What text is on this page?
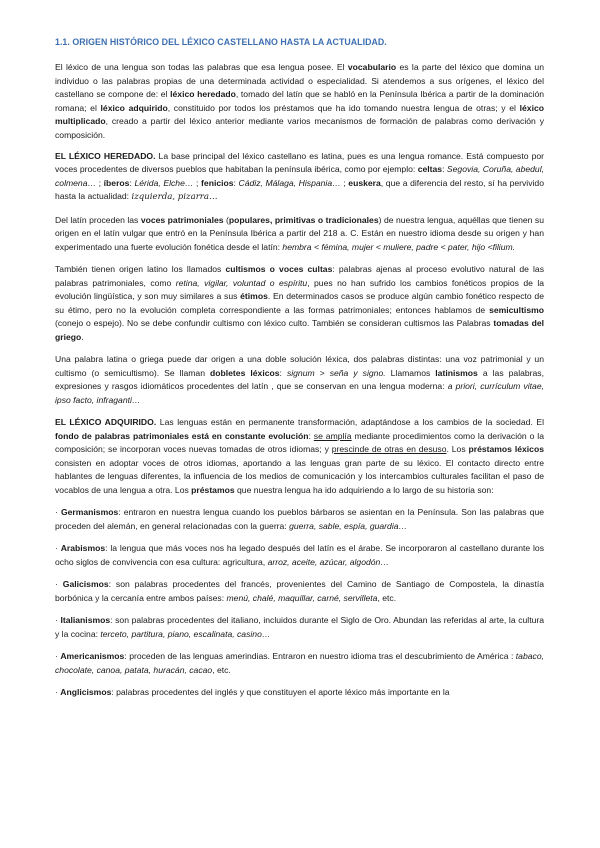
1.1. ORIGEN HISTÓRICO DEL LÉXICO CASTELLANO HASTA LA ACTUALIDAD.

El léxico de una lengua son todas las palabras que esa lengua posee. El vocabulario es la parte del léxico que domina un individuo o las palabras propias de una determinada actividad o especialidad. Si atendemos a sus orígenes, el léxico del castellano se compone de: el léxico heredado, tomado del latín que se habló en la Península Ibérica a partir de la dominación romana; el léxico adquirido, constituido por todos los préstamos que ha ido tomando nuestra lengua de otras; y el léxico multiplicado, creado a partir del léxico anterior mediante varios mecanismos de formación de palabras como derivación y composición.

EL LÉXICO HEREDADO. La base principal del léxico castellano es latina, pues es una lengua romance. Está compuesto por voces procedentes de diversos pueblos que habitaban la península ibérica, como por ejemplo: celtas: Segovia, Coruña, abedul, colmena… ; íberos: Lérida, Elche… ; fenicios: Cádiz, Málaga, Hispania… ; euskera, que a diferencia del resto, sí ha pervivido hasta la actualidad: izquierda, pizarra…

Del latín proceden las voces patrimoniales (populares, primitivas o tradicionales) de nuestra lengua, aquéllas que tienen su origen en el latín vulgar que entró en la Península Ibérica a partir del 218 a. C. Están en nuestro idioma desde su origen y han experimentado una fuerte evolución fonética desde el latín: hembra < fémina, mujer < muliere, padre < pater, hijo <filium.

También tienen origen latino los llamados cultismos o voces cultas: palabras ajenas al proceso evolutivo natural de las palabras patrimoniales, como retina, vigilar, voluntad o espíritu, pues no han sufrido los cambios fonéticos propios de la evolución lingüística, y son muy similares a sus étimos. En determinados casos se produce algún cambio fonético respecto de su étimo, pero no la evolución completa correspondiente a las formas patrimoniales; entonces hablamos de semicultismo (conejo o espejo). No se debe confundir cultismo con léxico culto. También se consideran cultismos las Palabras tomadas del griego.

Una palabra latina o griega puede dar origen a una doble solución léxica, dos palabras distintas: una voz patrimonial y un cultismo (o semicultismo). Se llaman dobletes léxicos: signum > seña y signo. Llamamos latinismos a las palabras, expresiones y rasgos idiomáticos procedentes del latín , que se conservan en una lengua moderna: a priori, currículum vitae, ipso facto, infraganti…

EL LÉXICO ADQUIRIDO. Las lenguas están en permanente transformación, adaptándose a los cambios de la sociedad. El fondo de palabras patrimoniales está en constante evolución: se amplía mediante procedimientos como la derivación o la composición; se incorporan voces nuevas tomadas de otros idiomas; y prescinde de otras en desuso. Los préstamos léxicos consisten en adoptar voces de otros idiomas, aportando a las lenguas gran parte de su léxico. El contacto directo entre hablantes de lenguas diferentes, la influencia de los medios de comunicación y los intercambios culturales facilitan el paso de vocablos de una lengua a otra. Los préstamos que nuestra lengua ha ido adquiriendo a lo largo de su historia son:

· Germanismos: entraron en nuestra lengua cuando los pueblos bárbaros se asientan en la Península. Son las palabras que proceden del alemán, en general relacionadas con la guerra: guerra, sable, espía, guardia…

· Arabismos: la lengua que más voces nos ha legado después del latín es el árabe. Se incorporaron al castellano durante los ocho siglos de convivencia con esa cultura: agricultura, arroz, aceite, azúcar, algodón…

· Galicismos: son palabras procedentes del francés, provenientes del Camino de Santiago de Compostela, la dinastía borbónica y la cercanía entre ambos países: menú, chalé, maquillar, carné, servilleta, etc.

· Italianismos: son palabras procedentes del italiano, incluidos durante el Siglo de Oro. Abundan las referidas al arte, la cultura y la cocina: terceto, partitura, piano, escalinata, casino…

· Americanismos: proceden de las lenguas amerindias. Entraron en nuestro idioma tras el descubrimiento de América : tabaco, chocolate, canoa, patata, huracán, cacao, etc.

· Anglicismos: palabras procedentes del inglés y que constituyen el aporte léxico más importante en la
